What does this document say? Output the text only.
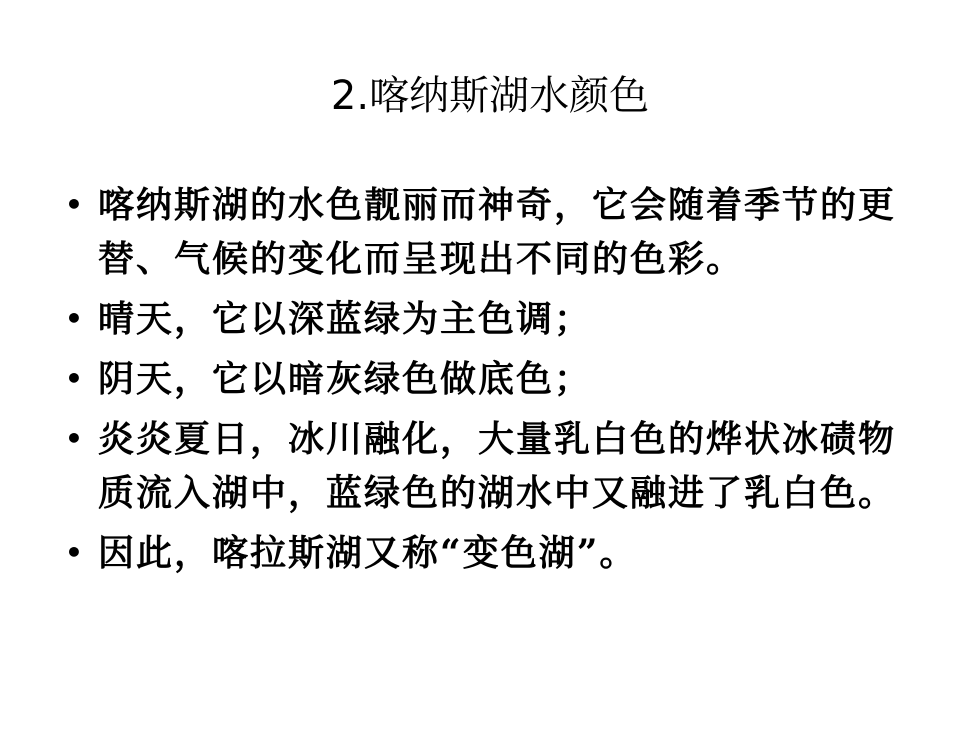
2.喀纳斯湖水颜色
• 喀纳斯湖的水色靓丽而神奇，它会随着季节的更替、气候的变化而呈现出不同的色彩。
• 晴天，它以深蓝绿为主色调；
• 阴天，它以暗灰绿色做底色；
• 炎炎夏日，冰川融化，大量乳白色的烨状冰碛物质流入湖中，蓝绿色的湖水中又融进了乳白色。
• 因此，喀拉斯湖又称“变色湖”。
